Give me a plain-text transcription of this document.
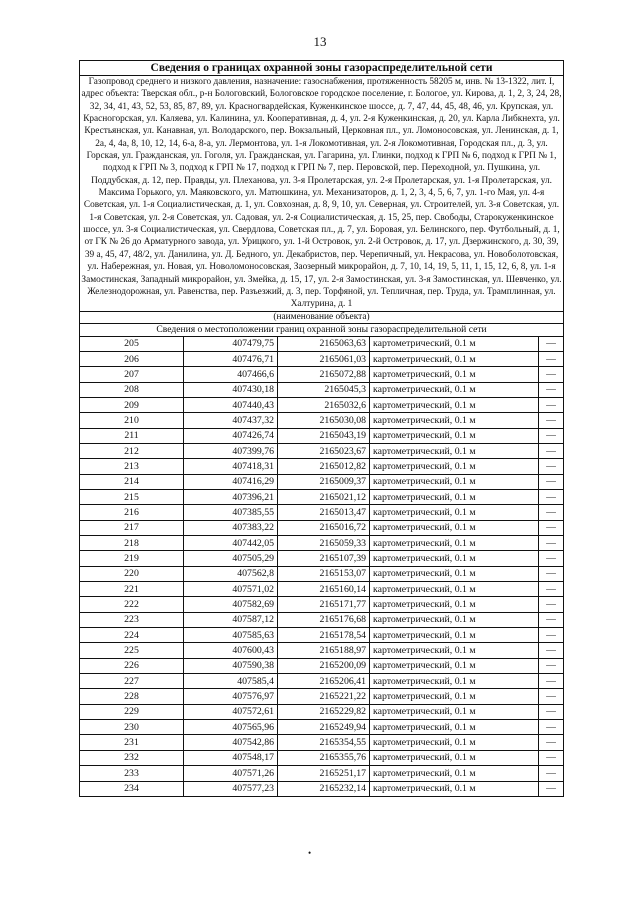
13
Сведения о границах охранной зоны газораспределительной сети				
Газопровод среднего и низкого давления, назначение: газоснабжения, протяженность 58205 м, инв. № 13-1322, лит. I, адрес объекта: Тверская обл., р-н Бологовский, Бологовское городское поселение, г. Бологое, ул. Кирова, д. 1, 2, 3, 24, 28, 32, 34, 41, 43, 52, 53, 85, 87, 89, ул. Красногвардейская, Куженкинское шоссе, д. 7, 47, 44, 45, 48, 46, ул. Крупская, ул. Красногорская, ул. Каляева, ул. Калинина, ул. Кооперативная, д. 4, ул. 2-я Куженкинская, д. 20, ул. Карла Либкнехта, ул. Крестьянская, ул. Канавная, ул. Володарского, пер. Вокзальный, Церковная пл., ул. Ломоносовская, ул. Ленинская, д. 1, 2а, 4, 4а, 8, 10, 12, 14, 6-а, 8-а, ул. Лермонтова, ул. 1-я Локомотивная, ул. 2-я Локомотивная, Городская пл., д. 3, ул. Горская, ул. Гражданская, ул. Гоголя, ул. Гражданская, ул. Гагарина, ул. Глинки, подход к ГРП № 6, подход к ГРП № 1, подход к ГРП № 3, подход к ГРП № 17, подход к ГРП № 7, пер. Перовской, пер. Переходной, ул. Пушкина, ул. Поддубская, д. 12, пер. Правды, ул. Плеханова, ул. 3-я Пролетарская, ул. 2-я Пролетарская, ул. 1-я Пролетарская, ул. Максима Горького, ул. Маяковского, ул. Матюшкина, ул. Механизаторов, д. 1, 2, 3, 4, 5, 6, 7, ул. 1-го Мая, ул. 4-я Советская, ул. 1-я Социалистическая, д. 1, ул. Совхозная, д. 8, 9, 10, ул. Северная, ул. Строителей, ул. 3-я Советская, ул. 1-я Советская, ул. 2-я Советская, ул. Садовая, ул. 2-я Социалистическая, д. 15, 25, пер. Свободы, Старокуженкинское шоссе, ул. 3-я Социалистическая, ул. Свердлова, Советская пл., д. 7, ул. Боровая, ул. Белинского, пер. Футбольный, д. 1, от ГК № 26 до Арматурного завода, ул. Урицкого, ул. 1-й Островок, ул. 2-й Островок, д. 17, ул. Дзержинского, д. 30, 39, 39 а, 45, 47, 48/2, ул. Данилина, ул. Д. Бедного, ул. Декабристов, пер. Черепичный, ул. Некрасова, ул. Новоболотовская, ул. Набережная, ул. Новая, ул. Новоломоносовская, Заозерный микрорайон, д. 7, 10, 14, 19, 5, 11, 1, 15, 12, 6, 8, ул. 1-я Замостинская, Западный микрорайон, ул. Змейка, д. 15, 17, ул. 2-я Замостинская, ул. 3-я Замостинская, ул. Шевченко, ул. Железнодорожная, ул. Равенства, пер. Разъезжий, д. 3, пер. Торфяной, ул. Тепличная, пер. Труда, ул. Трамплинная, ул. Халтурина, д. 1				
(наименование объекта)				
Сведения о местоположении границ охранной зоны газораспределительной сети				
205	407479,75	2165063,63	картометрический, 0.1 м	—
206	407476,71	2165061,03	картометрический, 0.1 м	—
207	407466,6	2165072,88	картометрический, 0.1 м	—
208	407430,18	2165045,3	картометрический, 0.1 м	—
209	407440,43	2165032,6	картометрический, 0.1 м	—
210	407437,32	2165030,08	картометрический, 0.1 м	—
211	407426,74	2165043,19	картометрический, 0.1 м	—
212	407399,76	2165023,67	картометрический, 0.1 м	—
213	407418,31	2165012,82	картометрический, 0.1 м	—
214	407416,29	2165009,37	картометрический, 0.1 м	—
215	407396,21	2165021,12	картометрический, 0.1 м	—
216	407385,55	2165013,47	картометрический, 0.1 м	—
217	407383,22	2165016,72	картометрический, 0.1 м	—
218	407442,05	2165059,33	картометрический, 0.1 м	—
219	407505,29	2165107,39	картометрический, 0.1 м	—
220	407562,8	2165153,07	картометрический, 0.1 м	—
221	407571,02	2165160,14	картометрический, 0.1 м	—
222	407582,69	2165171,77	картометрический, 0.1 м	—
223	407587,12	2165176,68	картометрический, 0.1 м	—
224	407585,63	2165178,54	картометрический, 0.1 м	—
225	407600,43	2165188,97	картометрический, 0.1 м	—
226	407590,38	2165200,09	картометрический, 0.1 м	—
227	407585,4	2165206,41	картометрический, 0.1 м	—
228	407576,97	2165221,22	картометрический, 0.1 м	—
229	407572,61	2165229,82	картометрический, 0.1 м	—
230	407565,96	2165249,94	картометрический, 0.1 м	—
231	407542,86	2165354,55	картометрический, 0.1 м	—
232	407548,17	2165355,76	картометрический, 0.1 м	—
233	407571,26	2165251,17	картометрический, 0.1 м	—
234	407577,23	2165232,14	картометрический, 0.1 м	—
•
